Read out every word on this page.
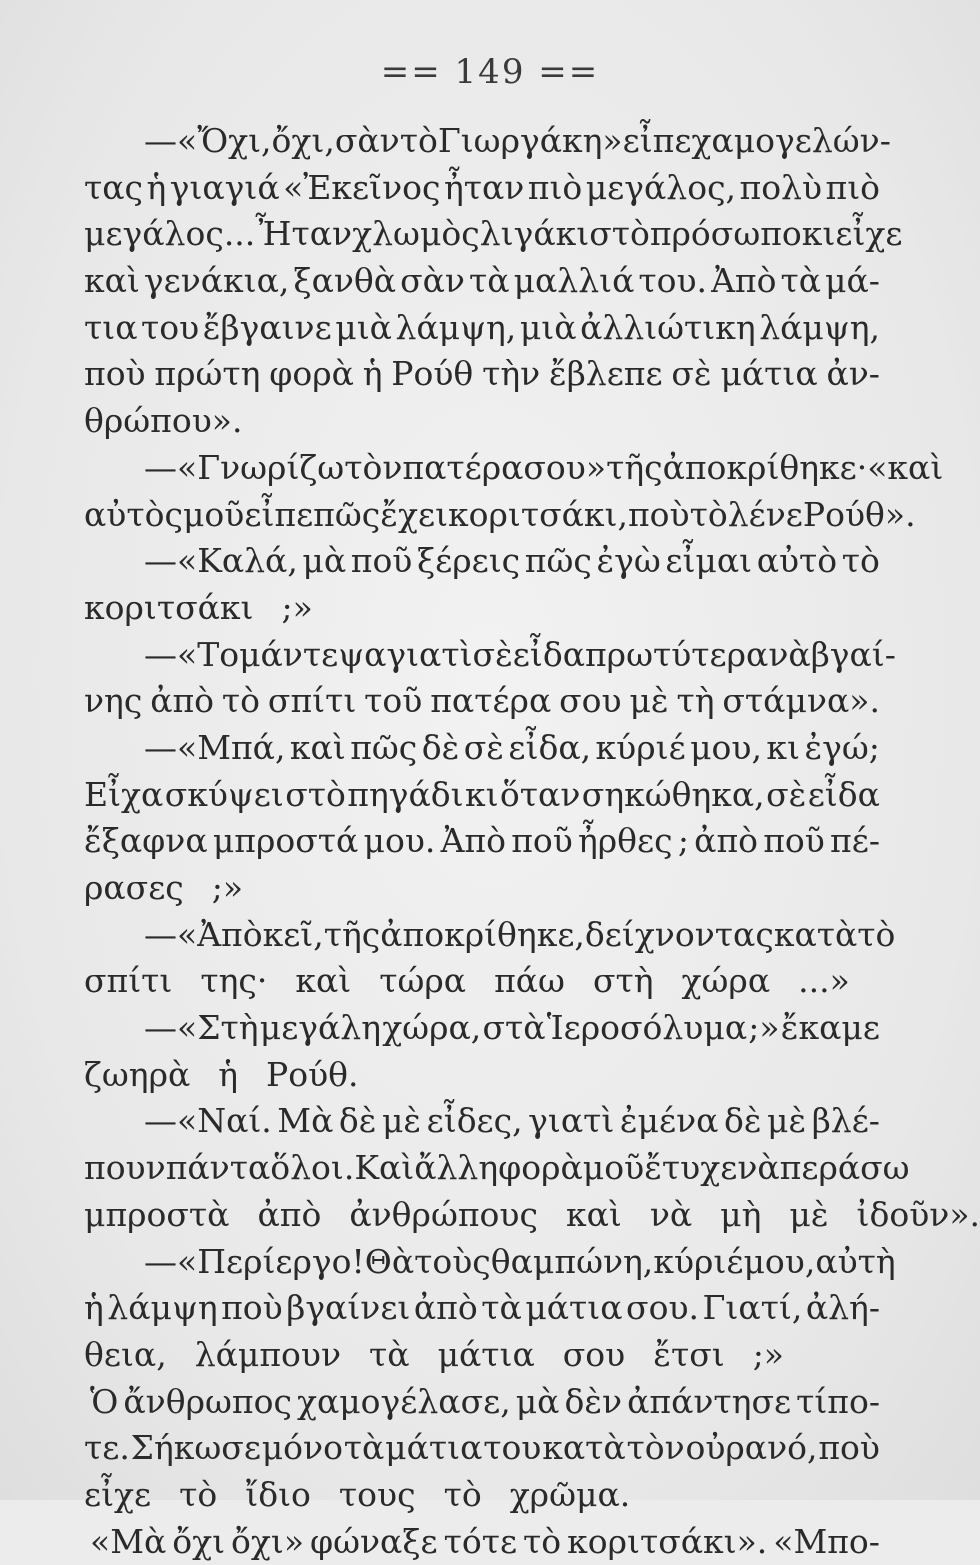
== 149 ==
—«Ὄχι, ὄχι, σὰν τὸ Γιωργάκη» εἶπε χαμογελών-
τας ἡ γιαγιά «Ἐκεῖνος ἦταν πιὸ μεγάλος, πολὺ πιὸ
μεγάλος... Ἦταν χλωμὸς λιγάκι στὸ πρόσωπο κι εἶχε
καὶ γενάκια, ξανθὰ σὰν τὰ μαλλιά του. Ἀπὸ τὰ μά-
τια του ἔβγαινε μιὰ λάμψη, μιὰ ἀλλιώτικη λάμψη,
ποὺ πρώτη φορὰ ἡ Ρούθ τὴν ἔβλεπε σὲ μάτια ἀν-
θρώπου».
—«Γνωρίζω τὸν πατέρα σου» τῆς ἀποκρίθηκε·«καὶ
αὐτὸς μοῦ εἶπε πῶς ἔχει κοριτσάκι, ποὺ τὸ λένε Ρούθ».
—«Καλά, μὰ ποῦ ξέρεις πῶς ἐγὼ εἶμαι αὐτὸ τὸ
κοριτσάκι ;»
—«Το μάντεψα γιατὶ σὲ εἶδα πρωτύτερα νὰ βγαί-
νης ἀπὸ τὸ σπίτι τοῦ πατέρα σου μὲ τὴ στάμνα».
—«Μπά, καὶ πῶς δὲ σὲ εἶδα, κύριέ μου, κι ἐγώ;
Εἶχα σκύψει στὸ πηγάδι κι ὅταν σηκώθηκα, σὲ εἶδα
ἔξαφνα μπροστά μου. Ἀπὸ ποῦ ἦρθες ; ἀπὸ ποῦ πέ-
ρασες ;»
—«Ἀπὸ κεῖ, τῆς ἀποκρίθηκε, δείχνοντας κατὰ τὸ
σπίτι της· καὶ τώρα πάω στὴ χώρα ...»
—«Στὴ μεγάλη χώρα, στὰ Ἱεροσόλυμα ;» ἔκαμε
ζωηρὰ ἡ Ρούθ.
—«Ναί. Μὰ δὲ μὲ εἶδες, γιατὶ ἐμένα δὲ μὲ βλέ-
πουν πάντα ὅλοι.Καὶ ἄλλη φορὰ μοῦ ἔτυχε νὰ περάσω
μπροστὰ ἀπὸ ἀνθρώπους καὶ νὰ μὴ μὲ ἰδοῦν».
—«Περίεργο! Θὰ τοὺς θαμπώνη, κύριέ μου, αὐτὴ
ἡ λάμψη ποὺ βγαίνει ἀπὸ τὰ μάτια σου. Γιατί, ἀλή-
θεια, λάμπουν τὰ μάτια σου ἔτσι ;»
Ὁ ἄνθρωπος χαμογέλασε, μὰ δὲν ἀπάντησε τίπο-
τε. Σήκωσε μόνο τὰ μάτια του κατὰ τὸν οὐρανό, ποὺ
εἶχε τὸ ἴδιο τους τὸ χρῶμα.
«Μὰ ὄχι ὄχι» φώναξε τότε τὸ κοριτσάκι». «Μπο-
